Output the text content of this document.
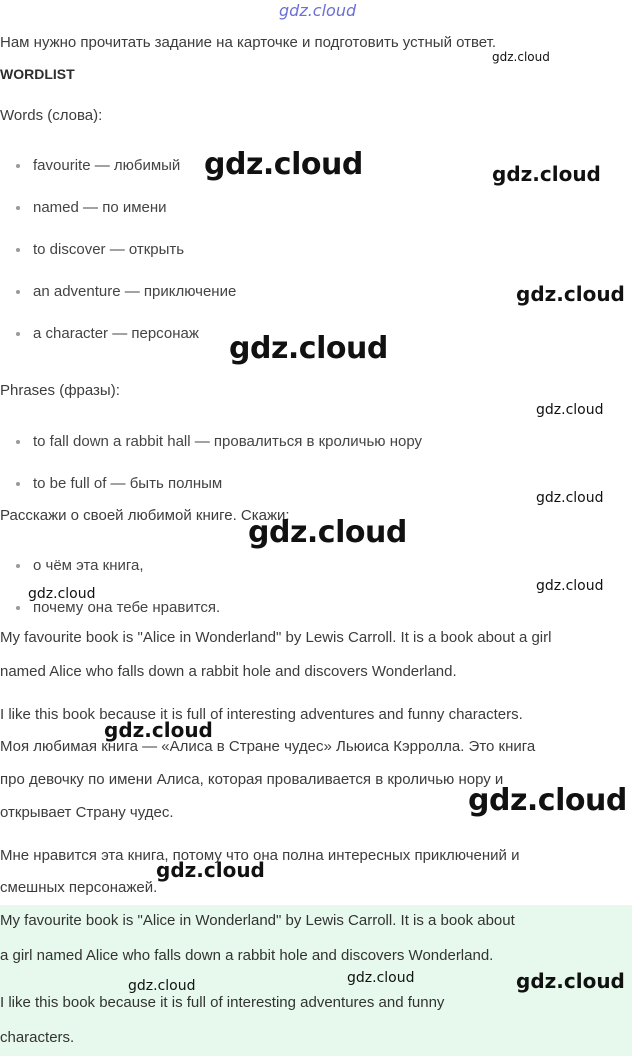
Нам нужно прочитать задание на карточке и подготовить устный ответ.
WORDLIST
Words (слова):
favourite — любимый
named — по имени
to discover — открыть
an adventure — приключение
a character — персонаж
Phrases (фразы):
to fall down a rabbit hall — провалиться в кроличью нору
to be full of — быть полным
Расскажи о своей любимой книге. Скажи:
о чём эта книга,
почему она тебе нравится.
My favourite book is "Alice in Wonderland" by Lewis Carroll. It is a book about a girl
named Alice who falls down a rabbit hole and discovers Wonderland.
I like this book because it is full of interesting adventures and funny characters.
Моя любимая книга — «Алиса в Стране чудес» Льюиса Кэрролла. Это книга
про девочку по имени Алиса, которая проваливается в кроличью нору и
открывает Страну чудес.
Мне нравится эта книга, потому что она полна интересных приключений и
смешных персонажей.
My favourite book is "Alice in Wonderland" by Lewis Carroll. It is a book about
a girl named Alice who falls down a rabbit hole and discovers Wonderland.
I like this book because it is full of interesting adventures and funny
characters.
gdz.cloud
gdz.cloud
gdz.cloud	gdz.cloud
gdz.cloud
gdz.cloud
gdz.cloud
gdz.cloud
gdz.cloud
gdz.cloud
gdz.cloud
gdz.cloud
gdz.cloud
gdz.cloud
gdz.cloud	gdz.cloud
gdz.cloud
